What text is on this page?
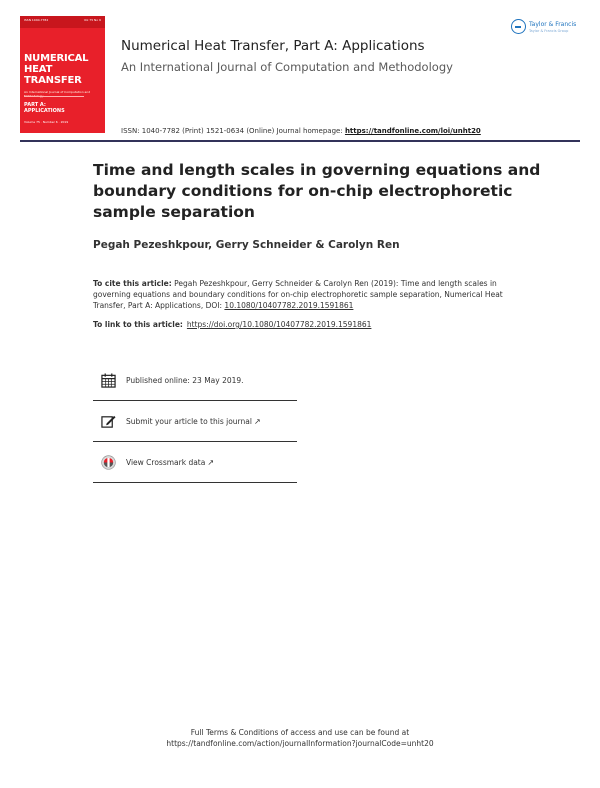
ISSN 1040-7782	Vol 75 No 6
NUMERICAL
HEAT
TRANSFER
An International Journal of Computation and
PART A:
APPLICATIONS
Volume 75 · Number 6 · 2019
Numerical Heat Transfer, Part A: Applications
An International Journal of Computation and Methodology
ISSN: 1040-7782 (Print) 1521-0634 (Online) Journal homepage: https://tandfonline.com/loi/unht20
Taylor & Francis
Taylor & Francis Group
Time and length scales in governing equations and boundary conditions for on-chip electrophoretic sample separation
Pegah Pezeshkpour, Gerry Schneider & Carolyn Ren
To cite this article: Pegah Pezeshkpour, Gerry Schneider & Carolyn Ren (2019): Time and length scales in governing equations and boundary conditions for on-chip electrophoretic sample separation, Numerical Heat Transfer, Part A: Applications, DOI: 10.1080/10407782.2019.1591861
To link to this article: https://doi.org/10.1080/10407782.2019.1591861
Published online: 23 May 2019.
Submit your article to this journal ↗
View Crossmark data ↗
Full Terms & Conditions of access and use can be found at
https://tandfonline.com/action/journalInformation?journalCode=unht20
